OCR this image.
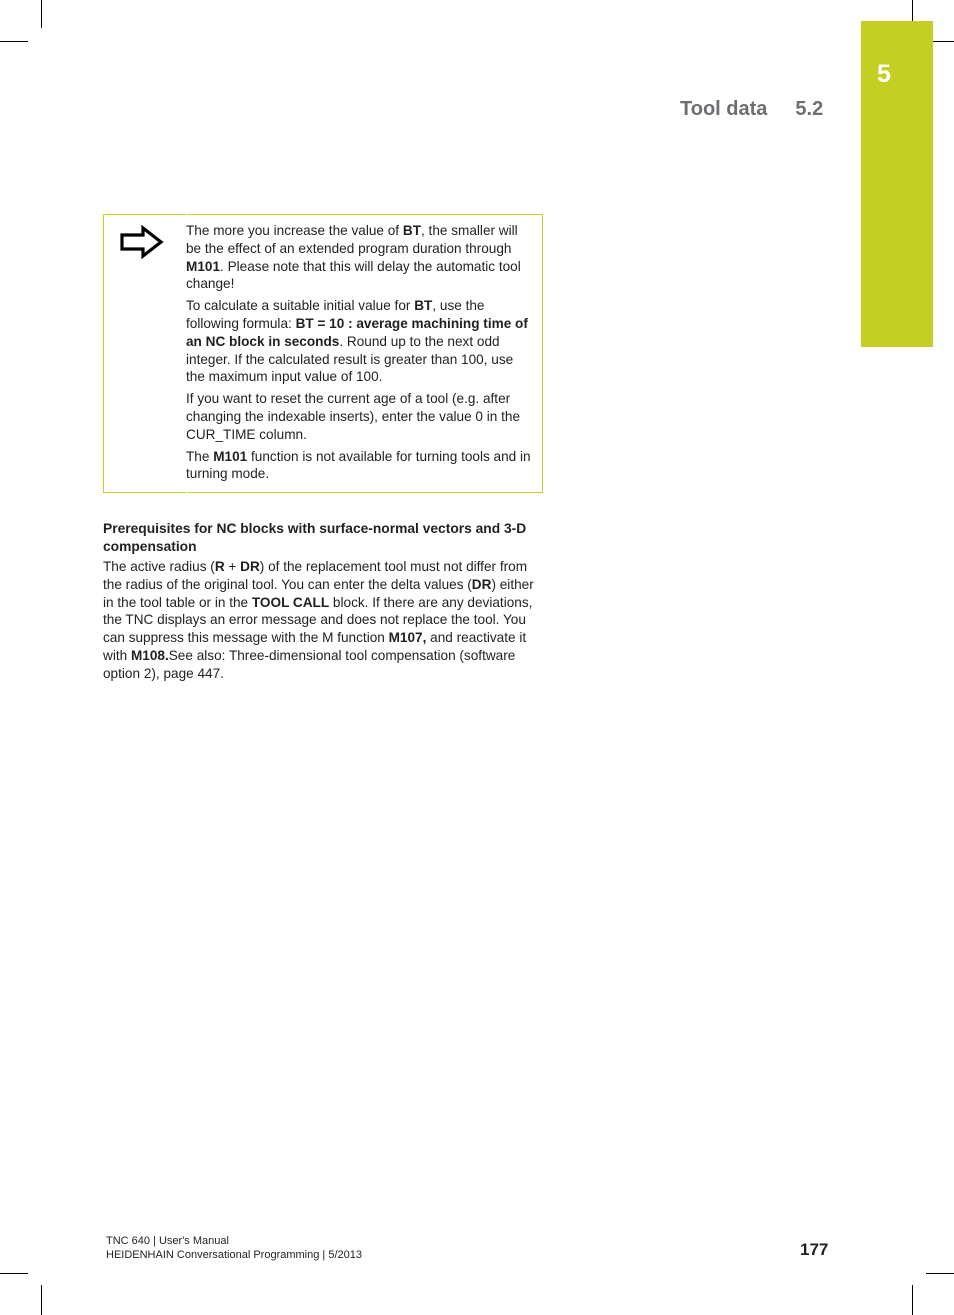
5
Tool data 5.2

The more you increase the value of BT, the smaller will be the effect of an extended program duration through M101. Please note that this will delay the automatic tool change!

To calculate a suitable initial value for BT, use the following formula: BT = 10 : average machining time of an NC block in seconds. Round up to the next odd integer. If the calculated result is greater than 100, use the maximum input value of 100.

If you want to reset the current age of a tool (e.g. after changing the indexable inserts), enter the value 0 in the CUR_TIME column.

The M101 function is not available for turning tools and in turning mode.

Prerequisites for NC blocks with surface-normal vectors and 3-D compensation

The active radius (R + DR) of the replacement tool must not differ from the radius of the original tool. You can enter the delta values (DR) either in the tool table or in the TOOL CALL block. If there are any deviations, the TNC displays an error message and does not replace the tool. You can suppress this message with the M function M107, and reactivate it with M108.See also: Three-dimensional tool compensation (software option 2), page 447.

TNC 640 | User's Manual
HEIDENHAIN Conversational Programming | 5/2013	177
